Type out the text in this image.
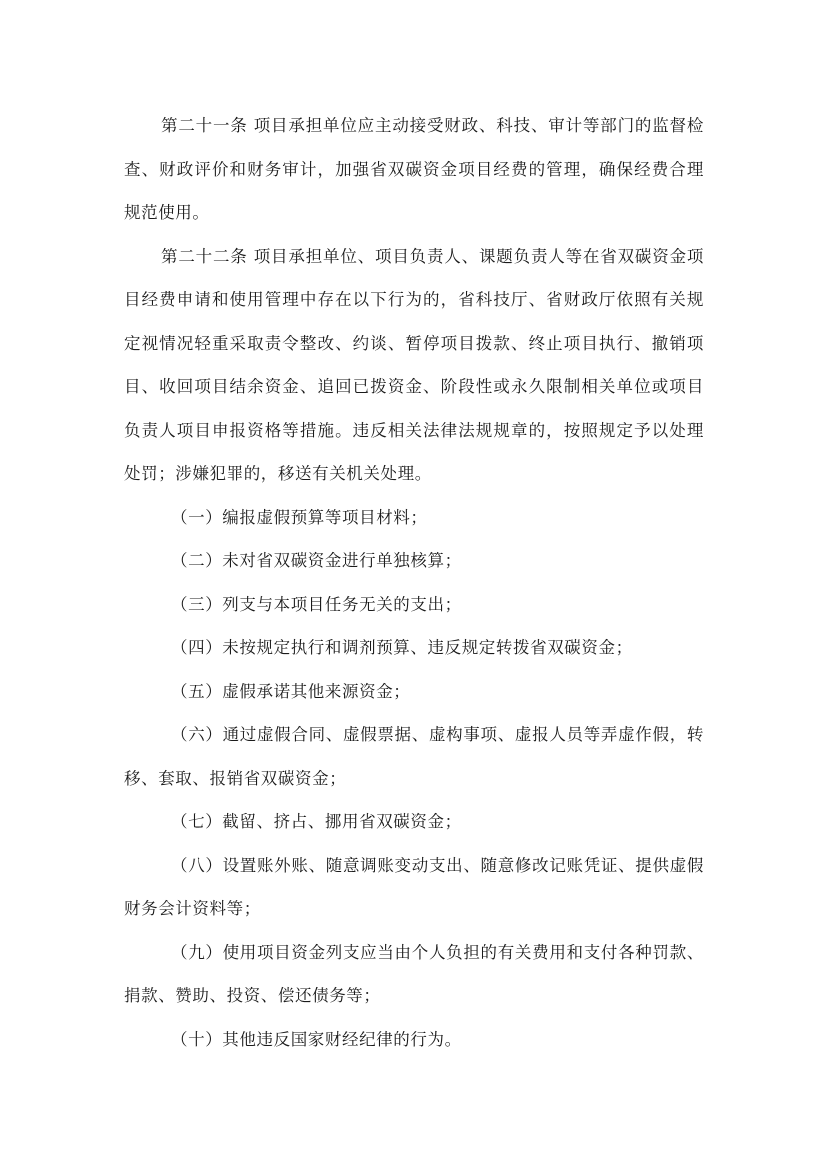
第二十一条 项目承担单位应主动接受财政、科技、审计等部门的监督检查、财政评价和财务审计，加强省双碳资金项目经费的管理，确保经费合理规范使用。

第二十二条 项目承担单位、项目负责人、课题负责人等在省双碳资金项目经费申请和使用管理中存在以下行为的，省科技厅、省财政厅依照有关规定视情况轻重采取责令整改、约谈、暂停项目拨款、终止项目执行、撤销项目、收回项目结余资金、追回已拨资金、阶段性或永久限制相关单位或项目负责人项目申报资格等措施。违反相关法律法规规章的，按照规定予以处理处罚；涉嫌犯罪的，移送有关机关处理。

（一）编报虚假预算等项目材料；

（二）未对省双碳资金进行单独核算；

（三）列支与本项目任务无关的支出；

（四）未按规定执行和调剂预算、违反规定转拨省双碳资金；

（五）虚假承诺其他来源资金；

（六）通过虚假合同、虚假票据、虚构事项、虚报人员等弄虚作假，转移、套取、报销省双碳资金；

（七）截留、挤占、挪用省双碳资金；

（八）设置账外账、随意调账变动支出、随意修改记账凭证、提供虚假财务会计资料等；

（九）使用项目资金列支应当由个人负担的有关费用和支付各种罚款、捐款、赞助、投资、偿还债务等；

（十）其他违反国家财经纪律的行为。
